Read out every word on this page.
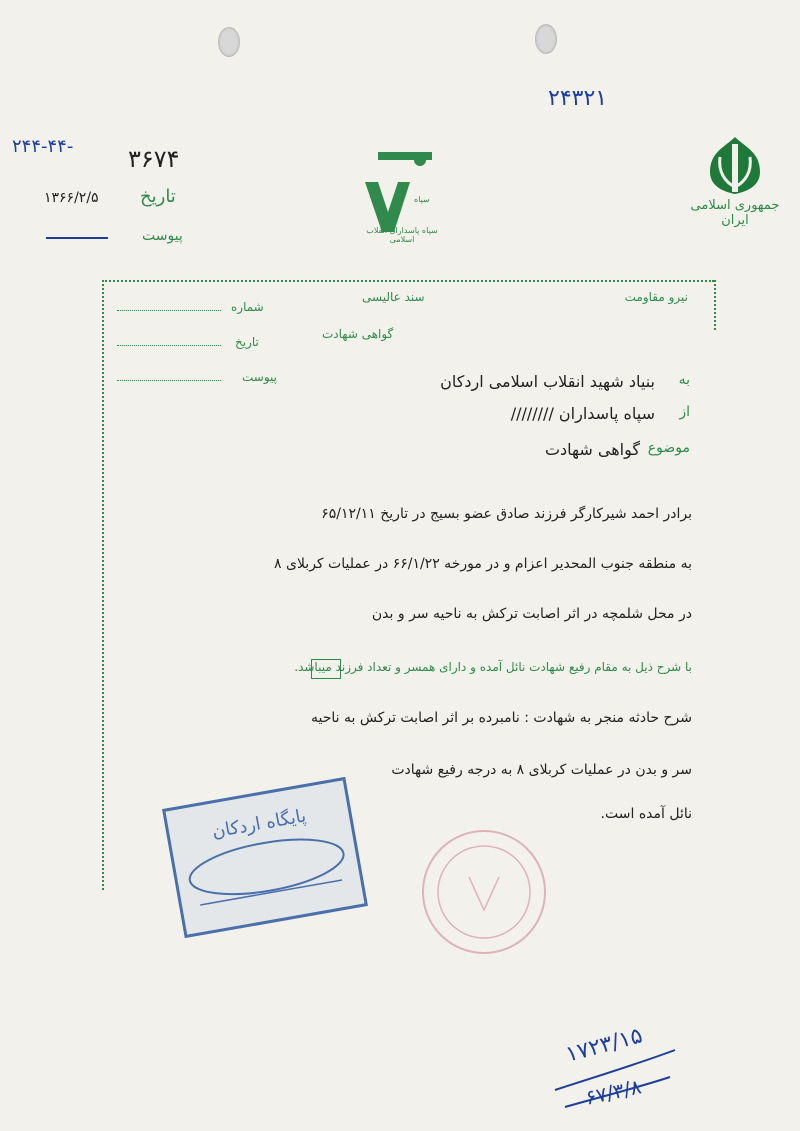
۲۴۳۲۱
۲۴۴-۴۴- ۳۶۷۴
تاریخ
۱۳۶۶/۲/۵
پیوست
سپاه
سپاه پاسداران انقلاب اسلامی
جمهوری اسلامی ایران
نیرو مقاومت
سند عالیسی
گواهی شهادت
شماره
تاریخ
پیوست	به
بنیاد شهید انقلاب اسلامی اردکان
از
سپاه پاسداران ////////
موضوع
گواهی شهادت
برادر احمد شیرکارگر فرزند صادق عضو بسیج در تاریخ ۶۵/۱۲/۱۱
به منطقه جنوب المحدیر اعزام و در مورخه ۶۶/۱/۲۲ در عملیات کربلای ۸
در محل شلمچه در اثر اصابت ترکش به ناحیه سر و بدن
با شرح ذیل به مقام رفیع شهادت نائل آمده و دارای همسر و تعداد فرزند میباشد.
شرح حادثه منجر به شهادت : نامبرده بر اثر اصابت ترکش به ناحیه
سر و بدن در عملیات کربلای ۸ به درجه رفیع شهادت
نائل آمده است.
پایگاه اردکان
۱۷۲۳/۱۵
۶۷/۳/۸
